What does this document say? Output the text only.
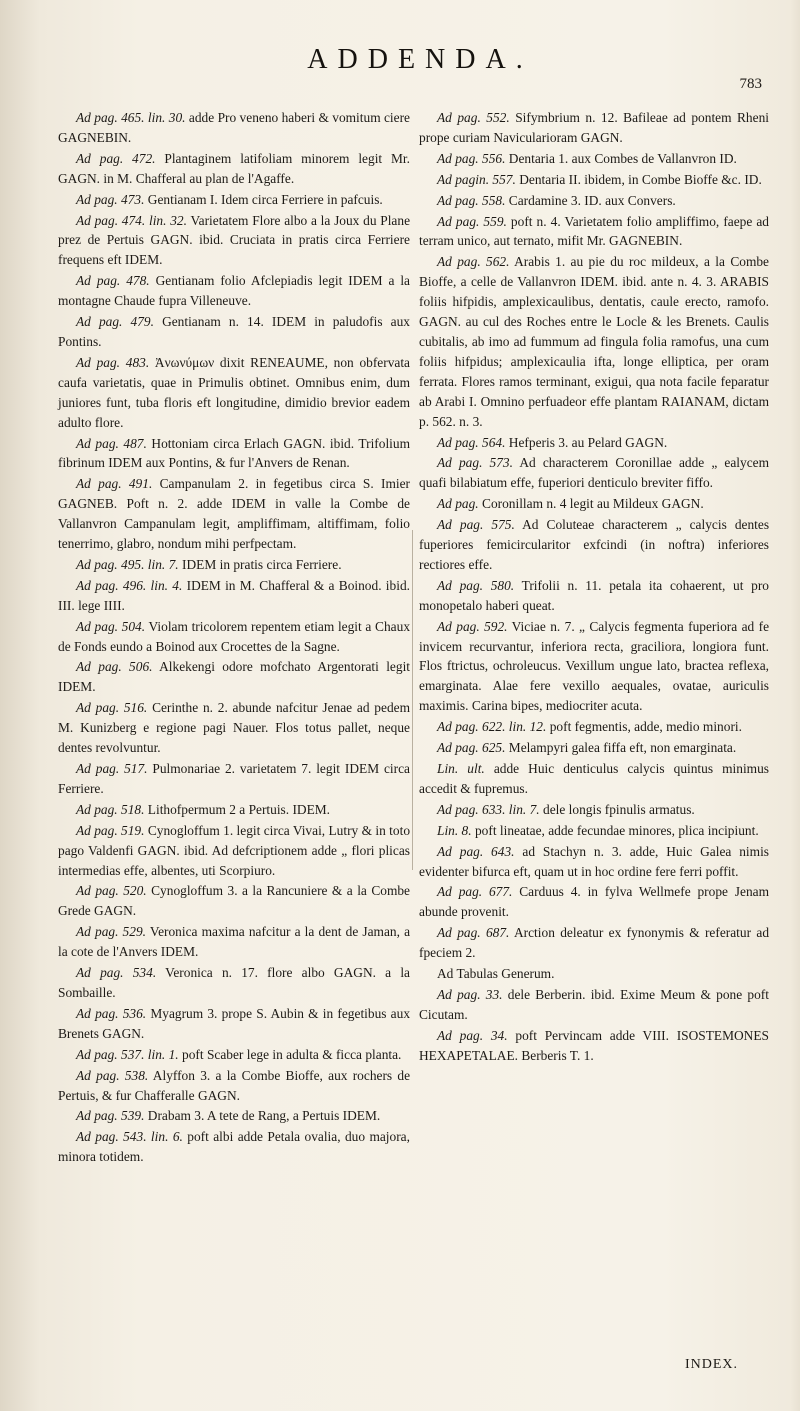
ADDENDA.
783

Ad pag. 465. lin. 30. adde Pro veneno haberi & vomitum ciere GAGNEBIN.

Ad pag. 472. Plantaginem latifoliam minorem legit Mr. GAGN. in M. Chafferal au plan de l'Agaffe.

Ad pag. 473. Gentianam I. Idem circa Ferriere in pafcuis.

Ad pag. 474. lin. 32. Varietatem Flore albo a la Joux du Plane prez de Pertuis GAGN. ibid. Cruciata in pratis circa Ferriere frequens eft IDEM.

Ad pag. 478. Gentianam folio Afclepiadis legit IDEM a la montagne Chaude fupra Villeneuve.

Ad pag. 479. Gentianam n. 14. IDEM in paludofis aux Pontins.

Ad pag. 483. Ἀνωνύμων dixit RENEAUME, non obfervata caufa varietatis, quae in Primulis obtinet. Omnibus enim, dum juniores funt, tuba floris eft longitudine, dimidio brevior eadem adulto flore.

Ad pag. 487. Hottoniam circa Erlach GAGN. ibid. Trifolium fibrinum IDEM aux Pontins, & fur l'Anvers de Renan.

Ad pag. 491. Campanulam 2. in fegetibus circa S. Imier GAGNEB. Poft n. 2. adde IDEM in valle la Combe de Vallanvron Campanulam legit, ampliffimam, altiffimam, folio tenerrimo, glabro, nondum mihi perfpectam.

Ad pag. 495. lin. 7. IDEM in pratis circa Ferriere.

Ad pag. 496. lin. 4. IDEM in M. Chafferal & a Boinod. ibid. III. lege IIII.

Ad pag. 504. Violam tricolorem repentem etiam legit a Chaux de Fonds eundo a Boinod aux Crocettes de la Sagne.

Ad pag. 506. Alkekengi odore mofchato Argentorati legit IDEM.

Ad pag. 516. Cerinthe n. 2. abunde nafcitur Jenae ad pedem M. Kunizberg e regione pagi Nauer. Flos totus pallet, neque dentes revolvuntur.

Ad pag. 517. Pulmonariae 2. varietatem 7. legit IDEM circa Ferriere.

Ad pag. 518. Lithofpermum 2 a Pertuis. IDEM.

Ad pag. 519. Cynogloffum 1. legit circa Vivai, Lutry & in toto pago Valdenfi GAGN. ibid. Ad defcriptionem adde „ flori plicas intermedias effe, albentes, uti Scorpiuro.

Ad pag. 520. Cynogloffum 3. a la Rancuniere & a la Combe Grede GAGN.

Ad pag. 529. Veronica maxima nafcitur a la dent de Jaman, a la cote de l'Anvers IDEM.

Ad pag. 534. Veronica n. 17. flore albo GAGN. a la Sombaille.

Ad pag. 536. Myagrum 3. prope S. Aubin & in fegetibus aux Brenets GAGN.

Ad pag. 537. lin. 1. poft Scaber lege in adulta & ficca planta.

Ad pag. 538. Alyffon 3. a la Combe Bioffe, aux rochers de Pertuis, & fur Chafferalle GAGN.

Ad pag. 539. Drabam 3. A tete de Rang, a Pertuis IDEM.

Ad pag. 543. lin. 6. poft albi adde Petala ovalia, duo majora, minora totidem.

Ad pag. 552. Sifymbrium n. 12. Bafileae ad pontem Rheni prope curiam Navicularioram GAGN.

Ad pag. 556. Dentaria 1. aux Combes de Vallanvron ID.

Ad pagin. 557. Dentaria II. ibidem, in Combe Bioffe &c. ID.

Ad pag. 558. Cardamine 3. ID. aux Convers.

Ad pag. 559. poft n. 4. Varietatem folio ampliffimo, faepe ad terram unico, aut ternato, mifit Mr. GAGNEBIN.

Ad pag. 562. Arabis 1. au pie du roc mildeux, a la Combe Bioffe, a celle de Vallanvron IDEM. ibid. ante n. 4. 3. ARABIS foliis hifpidis, amplexicaulibus, dentatis, caule erecto, ramofo. GAGN. au cul des Roches entre le Locle & les Brenets. Caulis cubitalis, ab imo ad fummum ad fingula folia ramofus, una cum foliis hifpidus; amplexicaulia ifta, longe elliptica, per oram ferrata. Flores ramos terminant, exigui, qua nota facile feparatur ab Arabi I. Omnino perfuadeor effe plantam RAIANAM, dictam p. 562. n. 3.

Ad pag. 564. Hefperis 3. au Pelard GAGN.

Ad pag. 573. Ad characterem Coronillae adde „ ealycem quafi bilabiatum effe, fuperiori denticulo breviter fiffo.

Ad pag. Coronillam n. 4 legit au Mildeux GAGN.

Ad pag. 575. Ad Coluteae characterem „ calycis dentes fuperiores femicircularitor exfcindi (in noftra) inferiores rectiores effe.

Ad pag. 580. Trifolii n. 11. petala ita cohaerent, ut pro monopetalo haberi queat.

Ad pag. 592. Viciae n. 7. „ Calycis fegmenta fuperiora ad fe invicem recurvantur, inferiora recta, graciliora, longiora funt. Flos ftrictus, ochroleucus. Vexillum ungue lato, bractea reflexa, emarginata. Alae fere vexillo aequales, ovatae, auriculis maximis. Carina bipes, mediocriter acuta.

Ad pag. 622. lin. 12. poft fegmentis, adde, medio minori.

Ad pag. 625. Melampyri galea fiffa eft, non emarginata.

Lin. ult. adde Huic denticulus calycis quintus minimus accedit & fupremus.

Ad pag. 633. lin. 7. dele longis fpinulis armatus.

Lin. 8. poft lineatae, adde fecundae minores, plica incipiunt.

Ad pag. 643. ad Stachyn n. 3. adde, Huic Galea nimis evidenter bifurca eft, quam ut in hoc ordine fere ferri poffit.

Ad pag. 677. Carduus 4. in fylva Wellmefe prope Jenam abunde provenit.

Ad pag. 687. Arction deleatur ex fynonymis & referatur ad fpeciem 2.

Ad Tabulas Generum.

Ad pag. 33. dele Berberin. ibid. Exime Meum & pone poft Cicutam.

Ad pag. 34. poft Pervincam adde VIII. ISOSTEMONES HEXAPETALAE. Berberis T. 1.

INDEX.
